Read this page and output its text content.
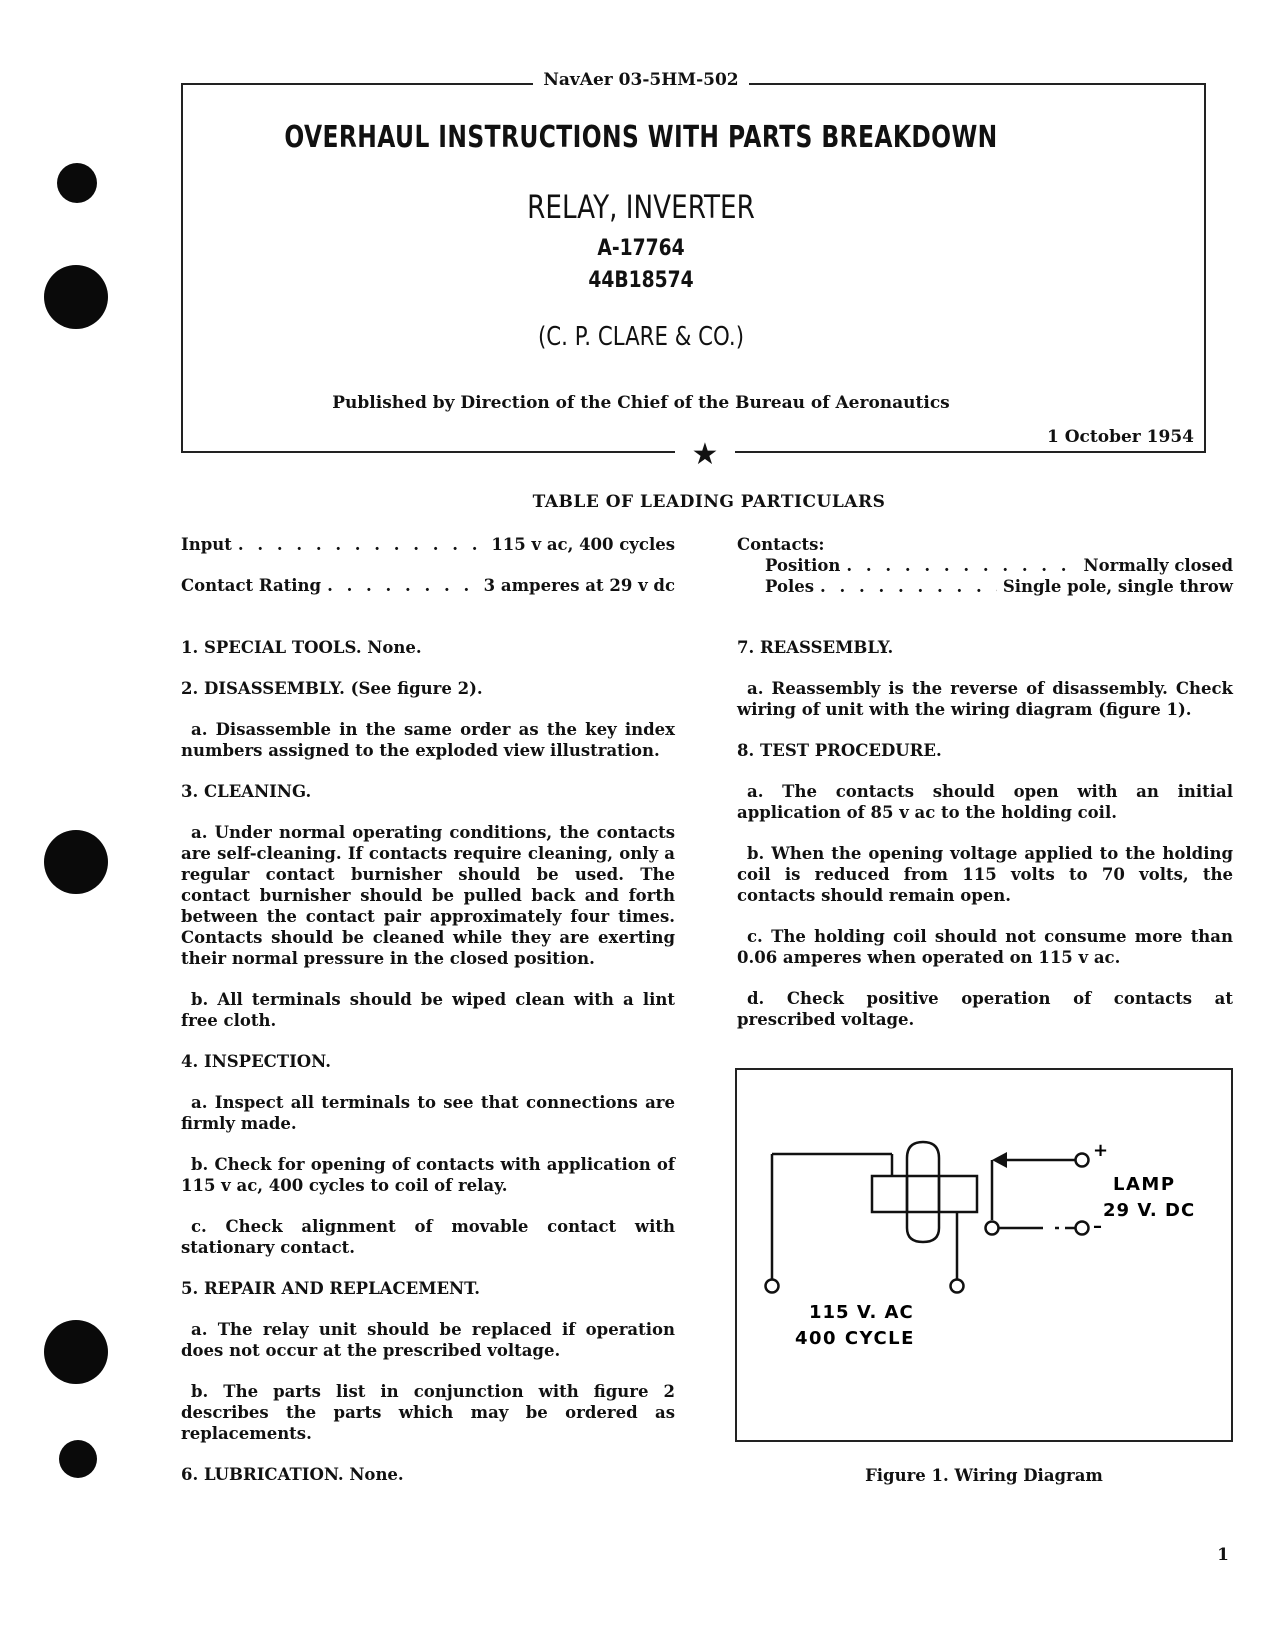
NavAer 03-5HM-502
OVERHAUL INSTRUCTIONS WITH PARTS BREAKDOWN
RELAY, INVERTER
A-17764
44B18574
(C. P. CLARE & CO.)
Published by Direction of the Chief of the Bureau of Aeronautics
1 October 1954
★
TABLE OF LEADING PARTICULARS
Input . . .	115 v ac, 400 cycles
Contact Rating . . .	3 amperes at 29 v dc
Contacts:
Position . . .	Normally closed
Poles . . .	Single pole, single throw

1. SPECIAL TOOLS. None.

2. DISASSEMBLY. (See figure 2).

a. Disassemble in the same order as the key index numbers assigned to the exploded view illustration.

3. CLEANING.

a. Under normal operating conditions, the contacts are self-cleaning. If contacts require cleaning, only a regular contact burnisher should be used. The contact burnisher should be pulled back and forth between the contact pair approximately four times. Contacts should be cleaned while they are exerting their normal pressure in the closed position.

b. All terminals should be wiped clean with a lint free cloth.

4. INSPECTION.

a. Inspect all terminals to see that connections are firmly made.

b. Check for opening of contacts with application of 115 v ac, 400 cycles to coil of relay.

c. Check alignment of movable contact with stationary contact.

5. REPAIR AND REPLACEMENT.

a. The relay unit should be replaced if operation does not occur at the prescribed voltage.

b. The parts list in conjunction with figure 2 describes the parts which may be ordered as replacements.

6. LUBRICATION. None.

7. REASSEMBLY.

a. Reassembly is the reverse of disassembly. Check wiring of unit with the wiring diagram (figure 1).

8. TEST PROCEDURE.

a. The contacts should open with an initial application of 85 v ac to the holding coil.

b. When the opening voltage applied to the holding coil is reduced from 115 volts to 70 volts, the contacts should remain open.

c. The holding coil should not consume more than 0.06 amperes when operated on 115 v ac.

d. Check positive operation of contacts at prescribed voltage.

+
–
LAMP
29 V. DC
115 V. AC
400 CYCLE
Figure 1. Wiring Diagram
1
